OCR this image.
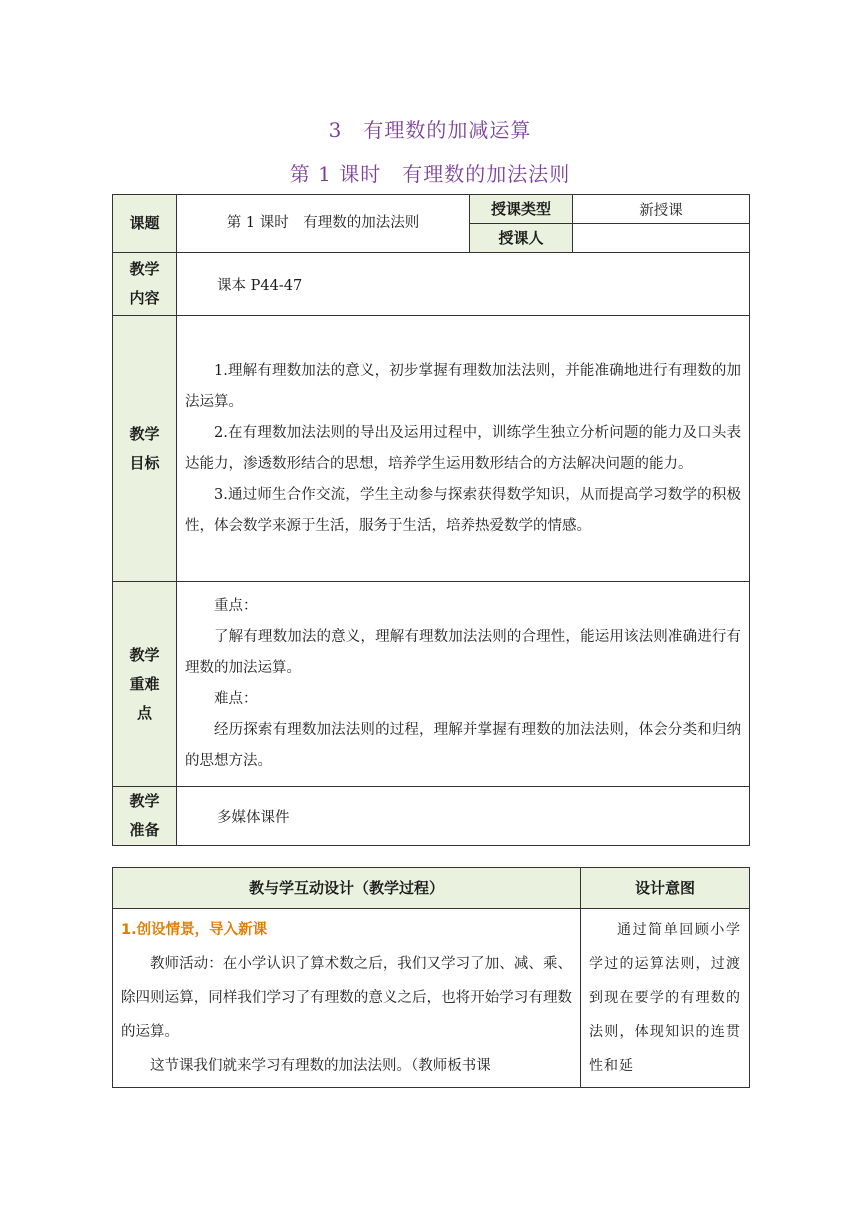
3　有理数的加减运算
第 1 课时　有理数的加法法则
课题	第 1 课时　有理数的加法法则	授课类型	新授课
		授课人	
教学内容	课本 P44-47		
教学目标	1.理解有理数加法的意义，初步掌握有理数加法法则，并能准确地进行有理数的加法运算。

2.在有理数加法法则的导出及运用过程中，训练学生独立分析问题的能力及口头表达能力，渗透数形结合的思想，培养学生运用数形结合的方法解决问题的能力。

3.通过师生合作交流，学生主动参与探索获得数学知识，从而提高学习数学的积极性，体会数学来源于生活，服务于生活，培养热爱数学的情感。		

教学重难点	重点：

了解有理数加法的意义，理解有理数加法法则的合理性，能运用该法则准确进行有理数的加法运算。

难点：

经历探索有理数加法法则的过程，理解并掌握有理数的加法法则，体会分类和归纳的思想方法。		

教学准备	多媒体课件		
教与学互动设计（教学过程）	设计意图

1.创设情景，导入新课

教师活动：在小学认识了算术数之后，我们又学习了加、减、乘、除四则运算，同样我们学习了有理数的意义之后，也将开始学习有理数的运算。

这节课我们就来学习有理数的加法法则。（教师板书课	通过简单回顾小学学过的运算法则，过渡到现在要学的有理数的法则，体现知识的连贯性和延
